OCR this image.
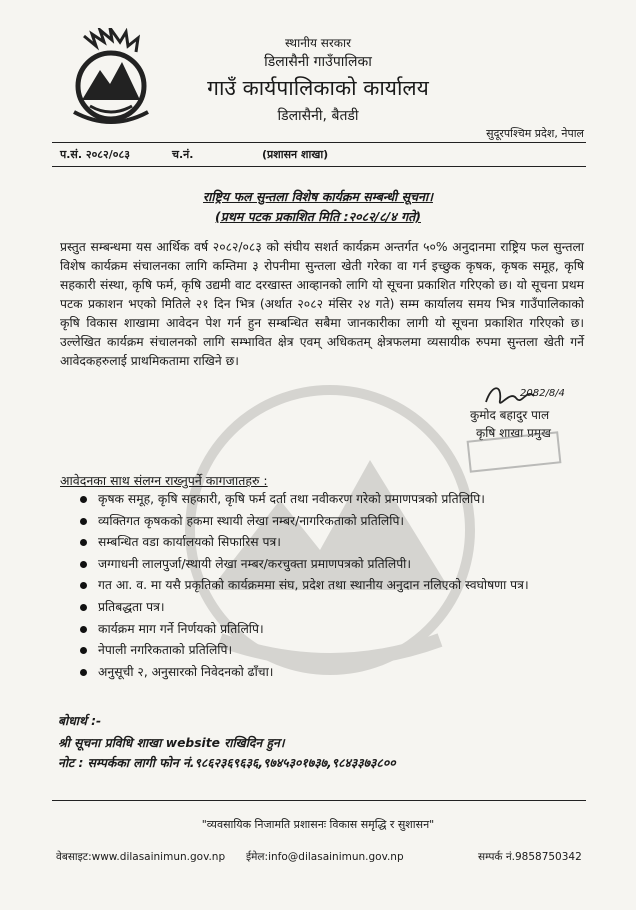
स्थानीय सरकार
डिलासैनी गाउँपालिका
गाउँ कार्यपालिकाको कार्यालय
डिलासैनी, बैतडी
सुदूरपश्चिम प्रदेश, नेपाल
प.सं. २०८२/०८३	च.नं.	(प्रशासन शाखा)
राष्ट्रिय फल सुन्तला विशेष कार्यक्रम सम्बन्धी सूचना।
(प्रथम पटक प्रकाशित मिति :२०८२/८/४ गते)
प्रस्तुत सम्बन्धमा यस आर्थिक वर्ष २०८२/०८३ को संघीय सशर्त कार्यक्रम अन्तर्गत ५०% अनुदानमा राष्ट्रिय फल सुन्तला विशेष कार्यक्रम संचालनका लागि कम्तिमा ३ रोपनीमा सुन्तला खेती गरेका वा गर्न इच्छुक कृषक, कृषक समूह, कृषि सहकारी संस्था, कृषि फर्म, कृषि उद्यमी वाट दरखास्त आव्हानको लागि यो सूचना प्रकाशित गरिएको छ। यो सूचना प्रथम पटक प्रकाशन भएको मितिले २१ दिन भित्र (अर्थात २०८२ मंसिर २४ गते) सम्म कार्यालय समय भित्र गाउँपालिकाको कृषि विकास शाखामा आवेदन पेश गर्न हुन सम्बन्धित सबैमा जानकारीका लागी यो सूचना प्रकाशित गरिएको छ। उल्लेखित कार्यक्रम संचालनको लागि सम्भावित क्षेत्र एवम् अधिकतम् क्षेत्रफलमा व्यसायीक रुपमा सुन्तला खेती गर्ने आवेदकहरुलाई प्राथमिकतामा राखिने छ।
2082/8/4
कुमोद बहादुर पाल
कृषि शाखा प्रमुख
आवेदनका साथ संलग्न राख्नुपर्ने कागजातहरु :
कृषक समूह, कृषि सहकारी, कृषि फर्म दर्ता तथा नवीकरण गरेको प्रमाणपत्रको प्रतिलिपि।
व्यक्तिगत कृषकको हकमा स्थायी लेखा नम्बर/नागरिकताको प्रतिलिपि।
सम्बन्धित वडा कार्यालयको सिफारिस पत्र।
जग्गाधनी लालपुर्जा/स्थायी लेखा नम्बर/करचुक्ता प्रमाणपत्रको प्रतिलिपी।
गत आ. व. मा यसै प्रकृतिको कार्यक्रममा संघ, प्रदेश तथा स्थानीय अनुदान नलिएको स्वघोषणा पत्र।
प्रतिबद्धता पत्र।
कार्यक्रम माग गर्ने निर्णयको प्रतिलिपि।
नेपाली नगरिकताको प्रतिलिपि।
अनुसूची २, अनुसारको निवेदनको ढाँचा।
बोधार्थ :-
श्री सूचना प्रविधि शाखा website राखिदिन हुन।
नोट : सम्पर्कका लागी फोन नं.९८६२३६९६३६,९७४५३०१७३७,९८४३३७३८००
"व्यवसायिक निजामति प्रशासनः विकास समृद्धि र सुशासन"
वेबसाइट:www.dilasainimun.gov.np ईमेल:info@dilasainimun.gov.np	सम्पर्क नं.9858750342
